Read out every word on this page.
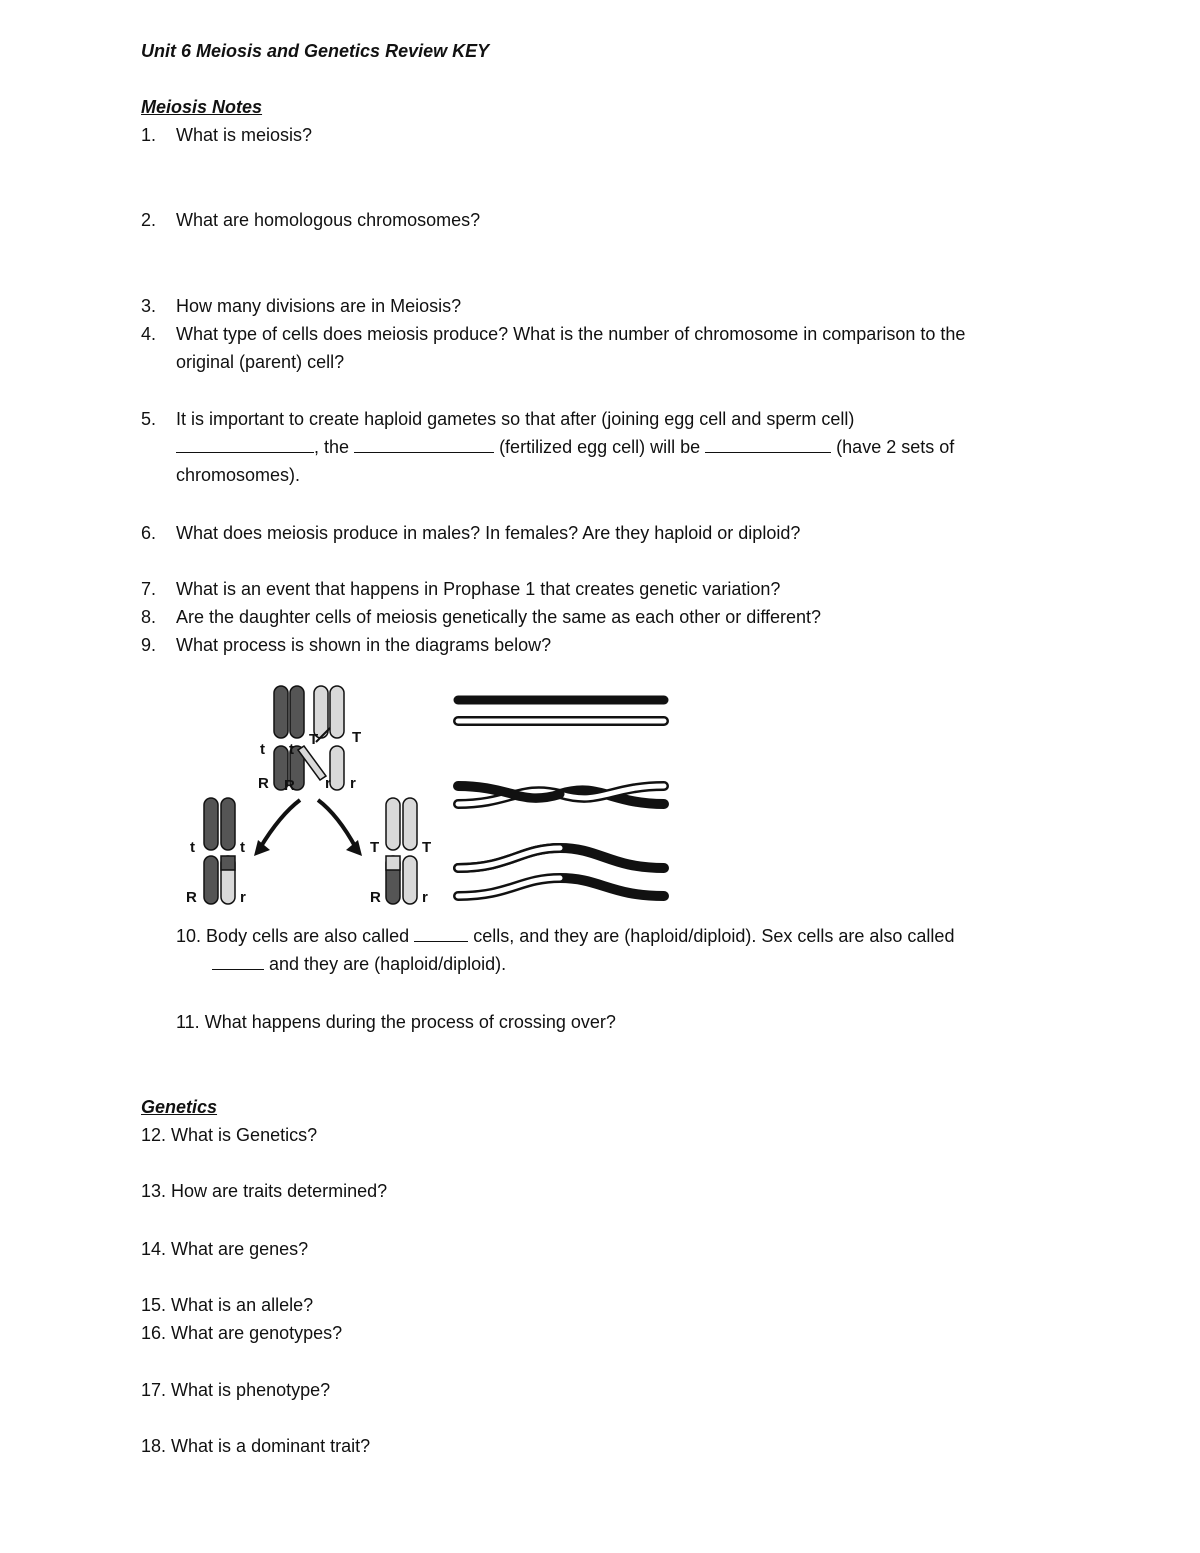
Unit 6 Meiosis and Genetics Review KEY
Meiosis Notes
1. What is meiosis?
2. What are homologous chromosomes?
3. How many divisions are in Meiosis?
4. What type of cells does meiosis produce? What is the number of chromosome in comparison to the
original (parent) cell?
5. It is important to create haploid gametes so that after (joining egg cell and sperm cell)
, the	(fertilized egg cell) will be	(have 2 sets of
chromosomes).
6. What does meiosis produce in males? In females? Are they haploid or diploid?
7. What is an event that happens in Prophase 1 that creates genetic variation?
8. Are the daughter cells of meiosis genetically the same as each other or different?
9. What process is shown in the diagrams below?
t t
T T
R R r r
t	t
R	r
T	T
R	r
10. Body cells are also called	cells, and they are (haploid/diploid). Sex cells are also called
and they are (haploid/diploid).
11. What happens during the process of crossing over?
Genetics
12. What is Genetics?
13. How are traits determined?
14. What are genes?
15. What is an allele?
16. What are genotypes?
17. What is phenotype?
18. What is a dominant trait?
